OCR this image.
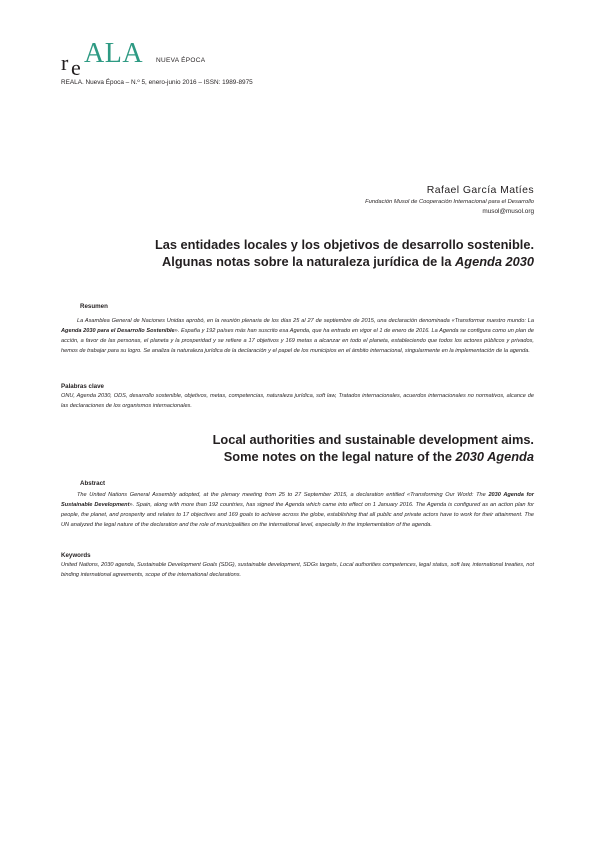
r e ALA NUEVA ÉPOCA
REALA. Nueva Época – N.º 5, enero-junio 2016 – ISSN: 1989-8975
Rafael García Matíes
Fundación Musol de Cooperación Internacional para el Desarrollo
musol@musol.org
Las entidades locales y los objetivos de desarrollo sostenible.
Algunas notas sobre la naturaleza jurídica de la Agenda 2030
Resumen
La Asamblea General de Naciones Unidas aprobó, en la reunión plenaria de los días 25 al 27 de septiembre de 2015, una declaración denominada «Transformar nuestro mundo: La Agenda 2030 para el Desarrollo Sostenible». España y 192 países más han suscrito esa Agenda, que ha entrado en vigor el 1 de enero de 2016. La Agenda se configura como un plan de acción, a favor de las personas, el planeta y la prosperidad y se refiere a 17 objetivos y 169 metas a alcanzar en todo el planeta, estableciendo que todos los actores públicos y privados, hemos de trabajar para su logro. Se analiza la naturaleza jurídica de la declaración y el papel de los municipios en el ámbito internacional, singularmente en la implementación de la agenda.
Palabras clave
ONU, Agenda 2030, ODS, desarrollo sostenible, objetivos, metas, competencias, naturaleza jurídica, soft law, Tratados internacionales, acuerdos internacionales no normativos, alcance de las declaraciones de los organismos internacionales.
Local authorities and sustainable development aims.
Some notes on the legal nature of the 2030 Agenda
Abstract
The United Nations General Assembly adopted, at the plenary meeting from 25 to 27 September 2015, a declaration entitled «Transforming Our World: The 2030 Agenda for Sustainable Development». Spain, along with more than 192 countries, has signed the Agenda which came into effect on 1 January 2016. The Agenda is configured as an action plan for people, the planet, and prosperity and relates to 17 objectives and 169 goals to achieve across the globe, establishing that all public and private actors have to work for their attainment. The UN analyzed the legal nature of the declaration and the role of municipalities on the international level, especially in the implementation of the agenda.
Keywords
United Nations, 2030 agenda, Sustainable Development Goals (SDG), sustainable development, SDGs targets, Local authorities competences, legal status, soft law, international treaties, not binding international agreements, scope of the international declarations.
